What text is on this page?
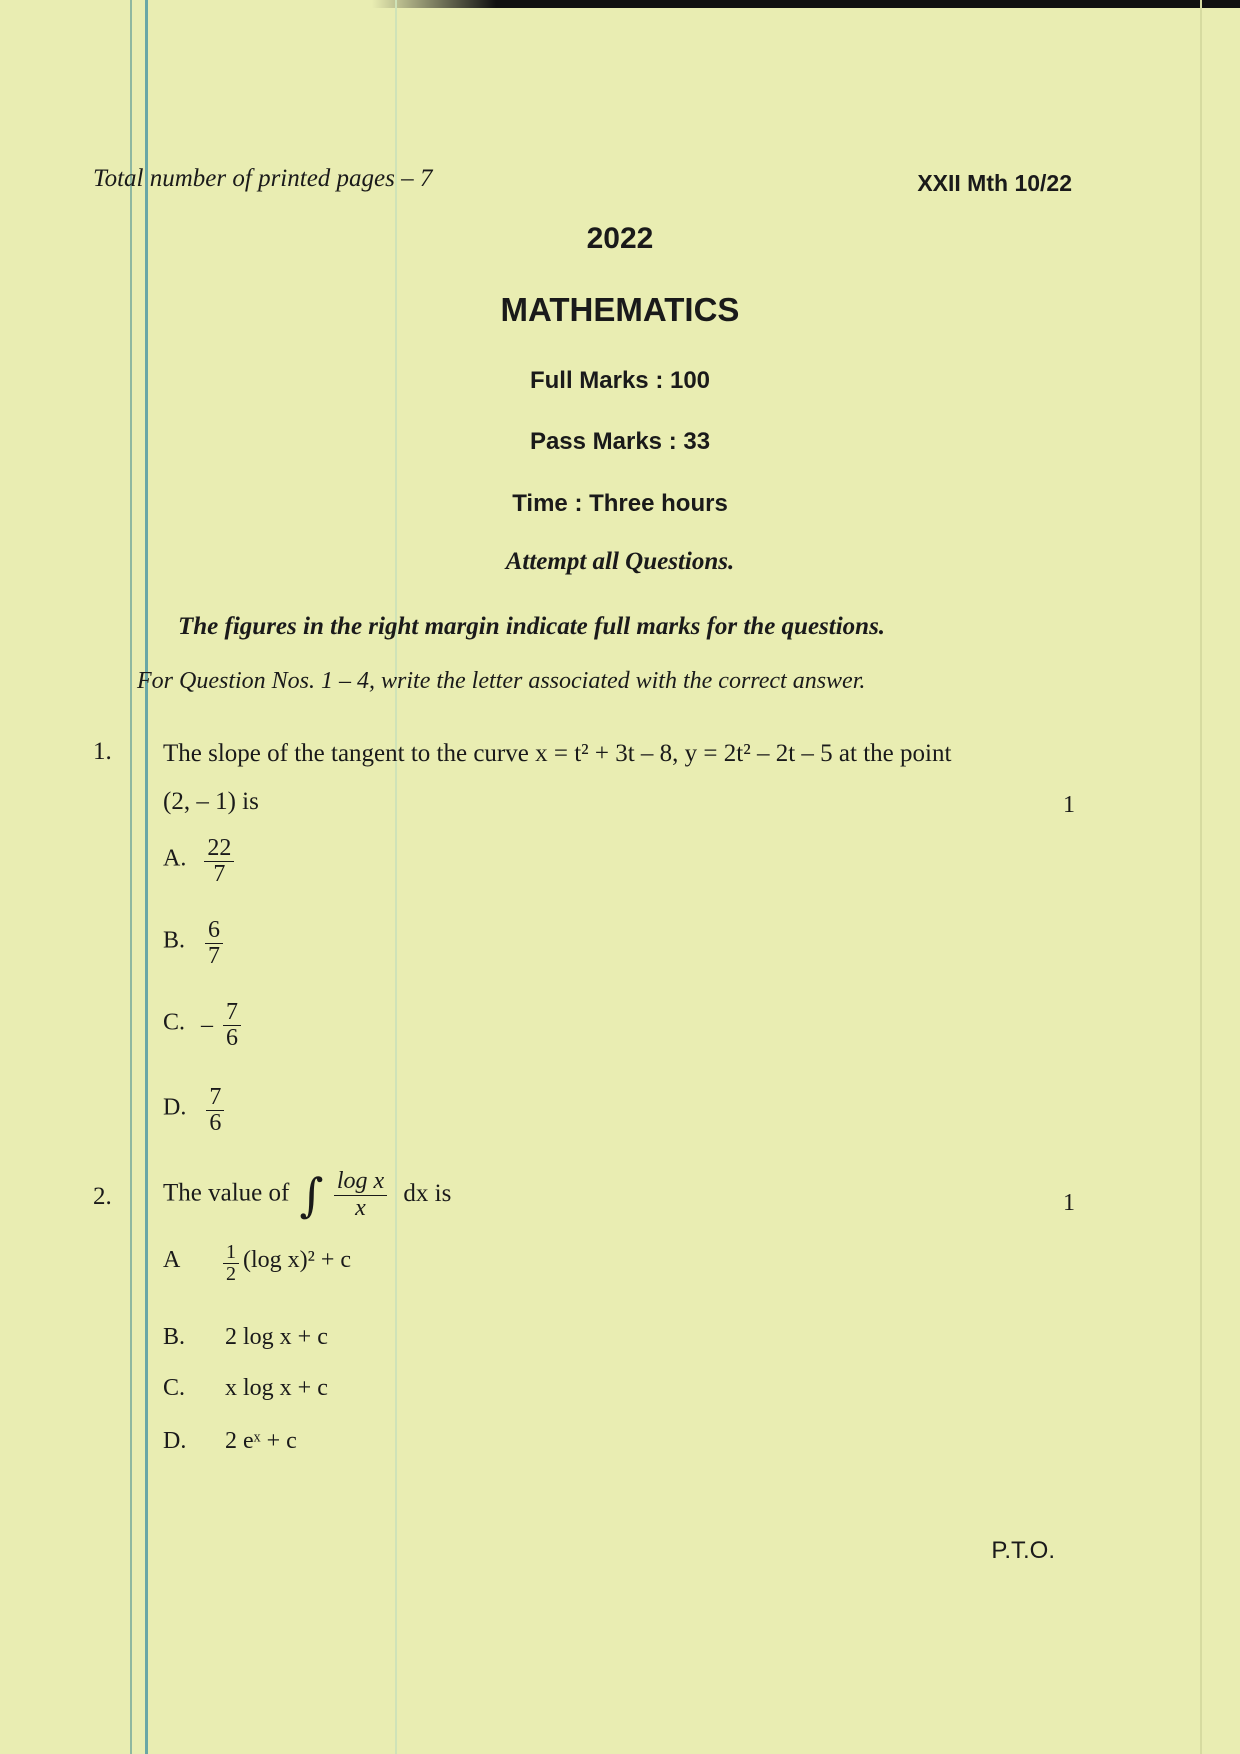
Total number of printed pages – 7	XXII Mth 10/22
2022
MATHEMATICS
Full Marks : 100
Pass Marks : 33
Time : Three hours
Attempt all Questions.
The figures in the right margin indicate full marks for the questions.
For Question Nos. 1 – 4, write the letter associated with the correct answer.
1. The slope of the tangent to the curve x = t² + 3t – 8, y = 2t² – 2t – 5 at the point
(2, – 1) is	1
A. $\frac{22}{7}$
B. $\frac{6}{7}$
C. – $\frac{7}{6}$
D. $\frac{7}{6}$
2. The value of ∫ $\frac{\text{log x}}{x}$ dx is	1
A $\frac{1}{2} (\log$ x)² + c
B. 2 log x + c
C. x log x + c
D. 2 eˣ + c
P.T.O.
